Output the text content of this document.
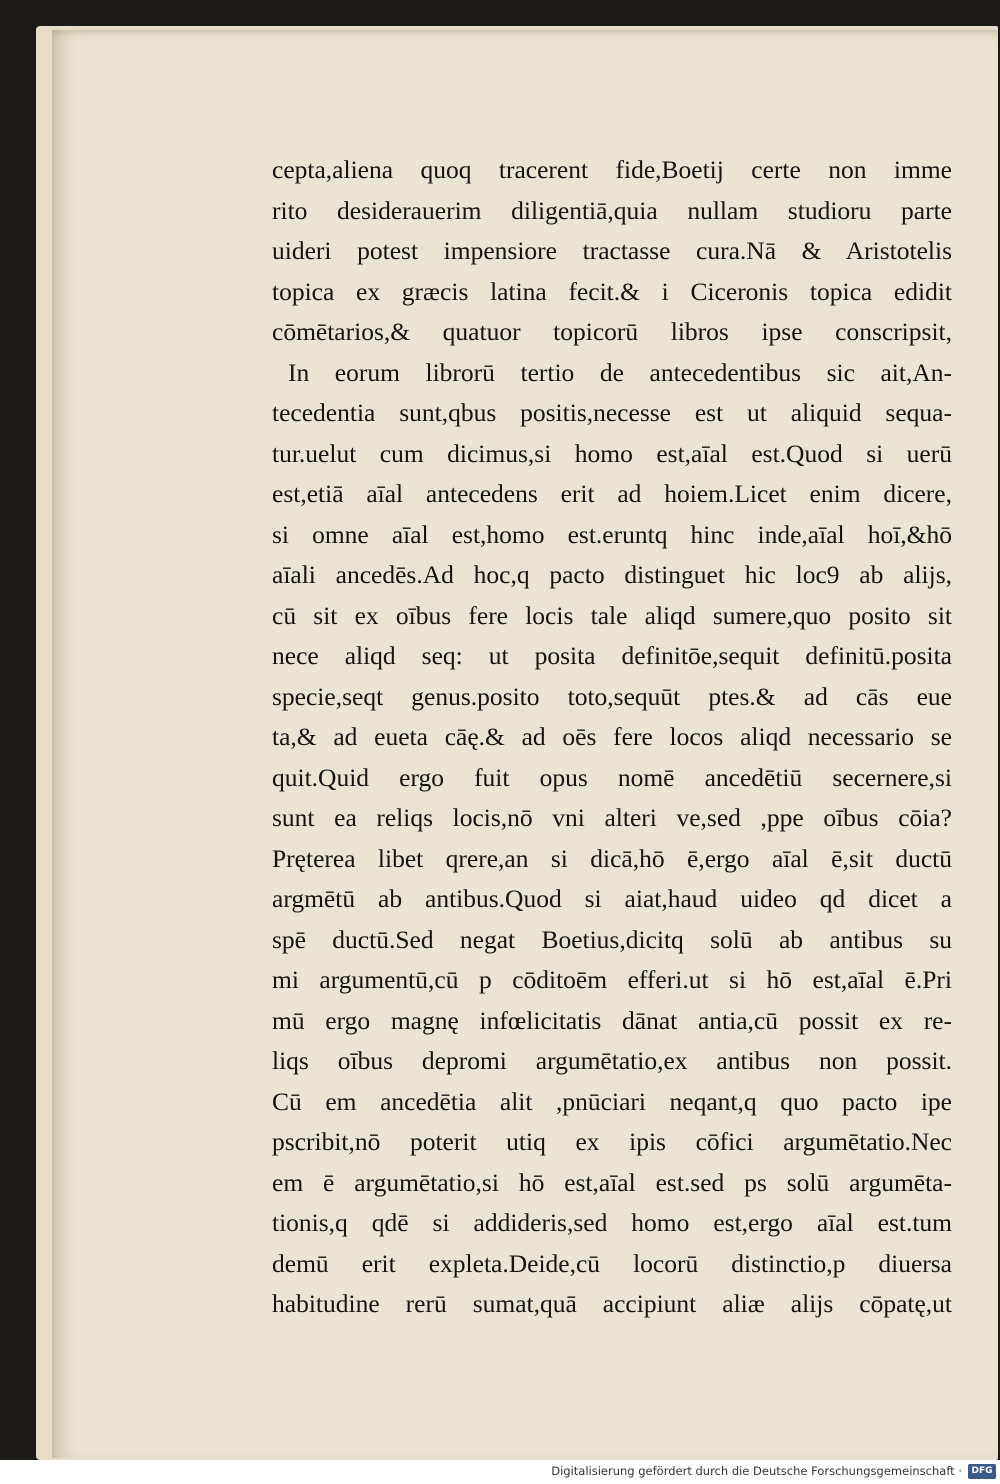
cepta,aliena quoq tracerent fide,Boetij certe non imme
rito desiderauerim diligentiā,quia nullam studioru parte
uideri potest impensiore tractasse cura.Nā & Aristotelis
topica ex græcis latina fecit.& i Ciceronis topica edidit
cōmētarios,& quatuor topicorū libros ipse conscripsit,
In eorum librorū tertio de antecedentibus sic ait,An-
tecedentia sunt,qbus positis,necesse est ut aliquid sequa-
tur.uelut cum dicimus,si homo est,aīal est.Quod si uerū
est,etiā aīal antecedens erit ad hoiem.Licet enim dicere,
si omne aīal est,homo est.eruntq hinc inde,aīal hoī,&hō
aīali ancedēs.Ad hoc,q pacto distinguet hic loc9 ab alijs,
cū sit ex oībus fere locis tale aliqd sumere,quo posito sit
nece aliqd seq: ut posita definitōe,sequit definitū.posita
specie,seqt genus.posito toto,sequūt ptes.& ad cās eue
ta,& ad eueta cāę.& ad oēs fere locos aliqd necessario se
quit.Quid ergo fuit opus nomē ancedētiū secernere,si
sunt ea reliqs locis,nō vni alteri ve,sed ,ppe oībus cōia?
Pręterea libet qrere,an si dicā,hō ē,ergo aīal ē,sit ductū
argmētū ab antibus.Quod si aiat,haud uideo qd dicet a
spē ductū.Sed negat Boetius,dicitq solū ab antibus su
mi argumentū,cū p cōditoēm efferi.ut si hō est,aīal ē.Pri
mū ergo magnę infœlicitatis dānat antia,cū possit ex re-
liqs oībus depromi argumētatio,ex antibus non possit.
Cū em ancedētia alit ,pnūciari neqant,q quo pacto ipe
pscribit,nō poterit utiq ex ipis cōfici argumētatio.Nec
em ē argumētatio,si hō est,aīal est.sed ps solū argumēta-
tionis,q qdē si addideris,sed homo est,ergo aīal est.tum
demū erit expleta.Deide,cū locorū distinctio,p diuersa
habitudine rerū sumat,quā accipiunt aliæ alijs cōpatę,ut
Digitalisierung gefördert durch die Deutsche Forschungsgemeinschaft ·	DFG
